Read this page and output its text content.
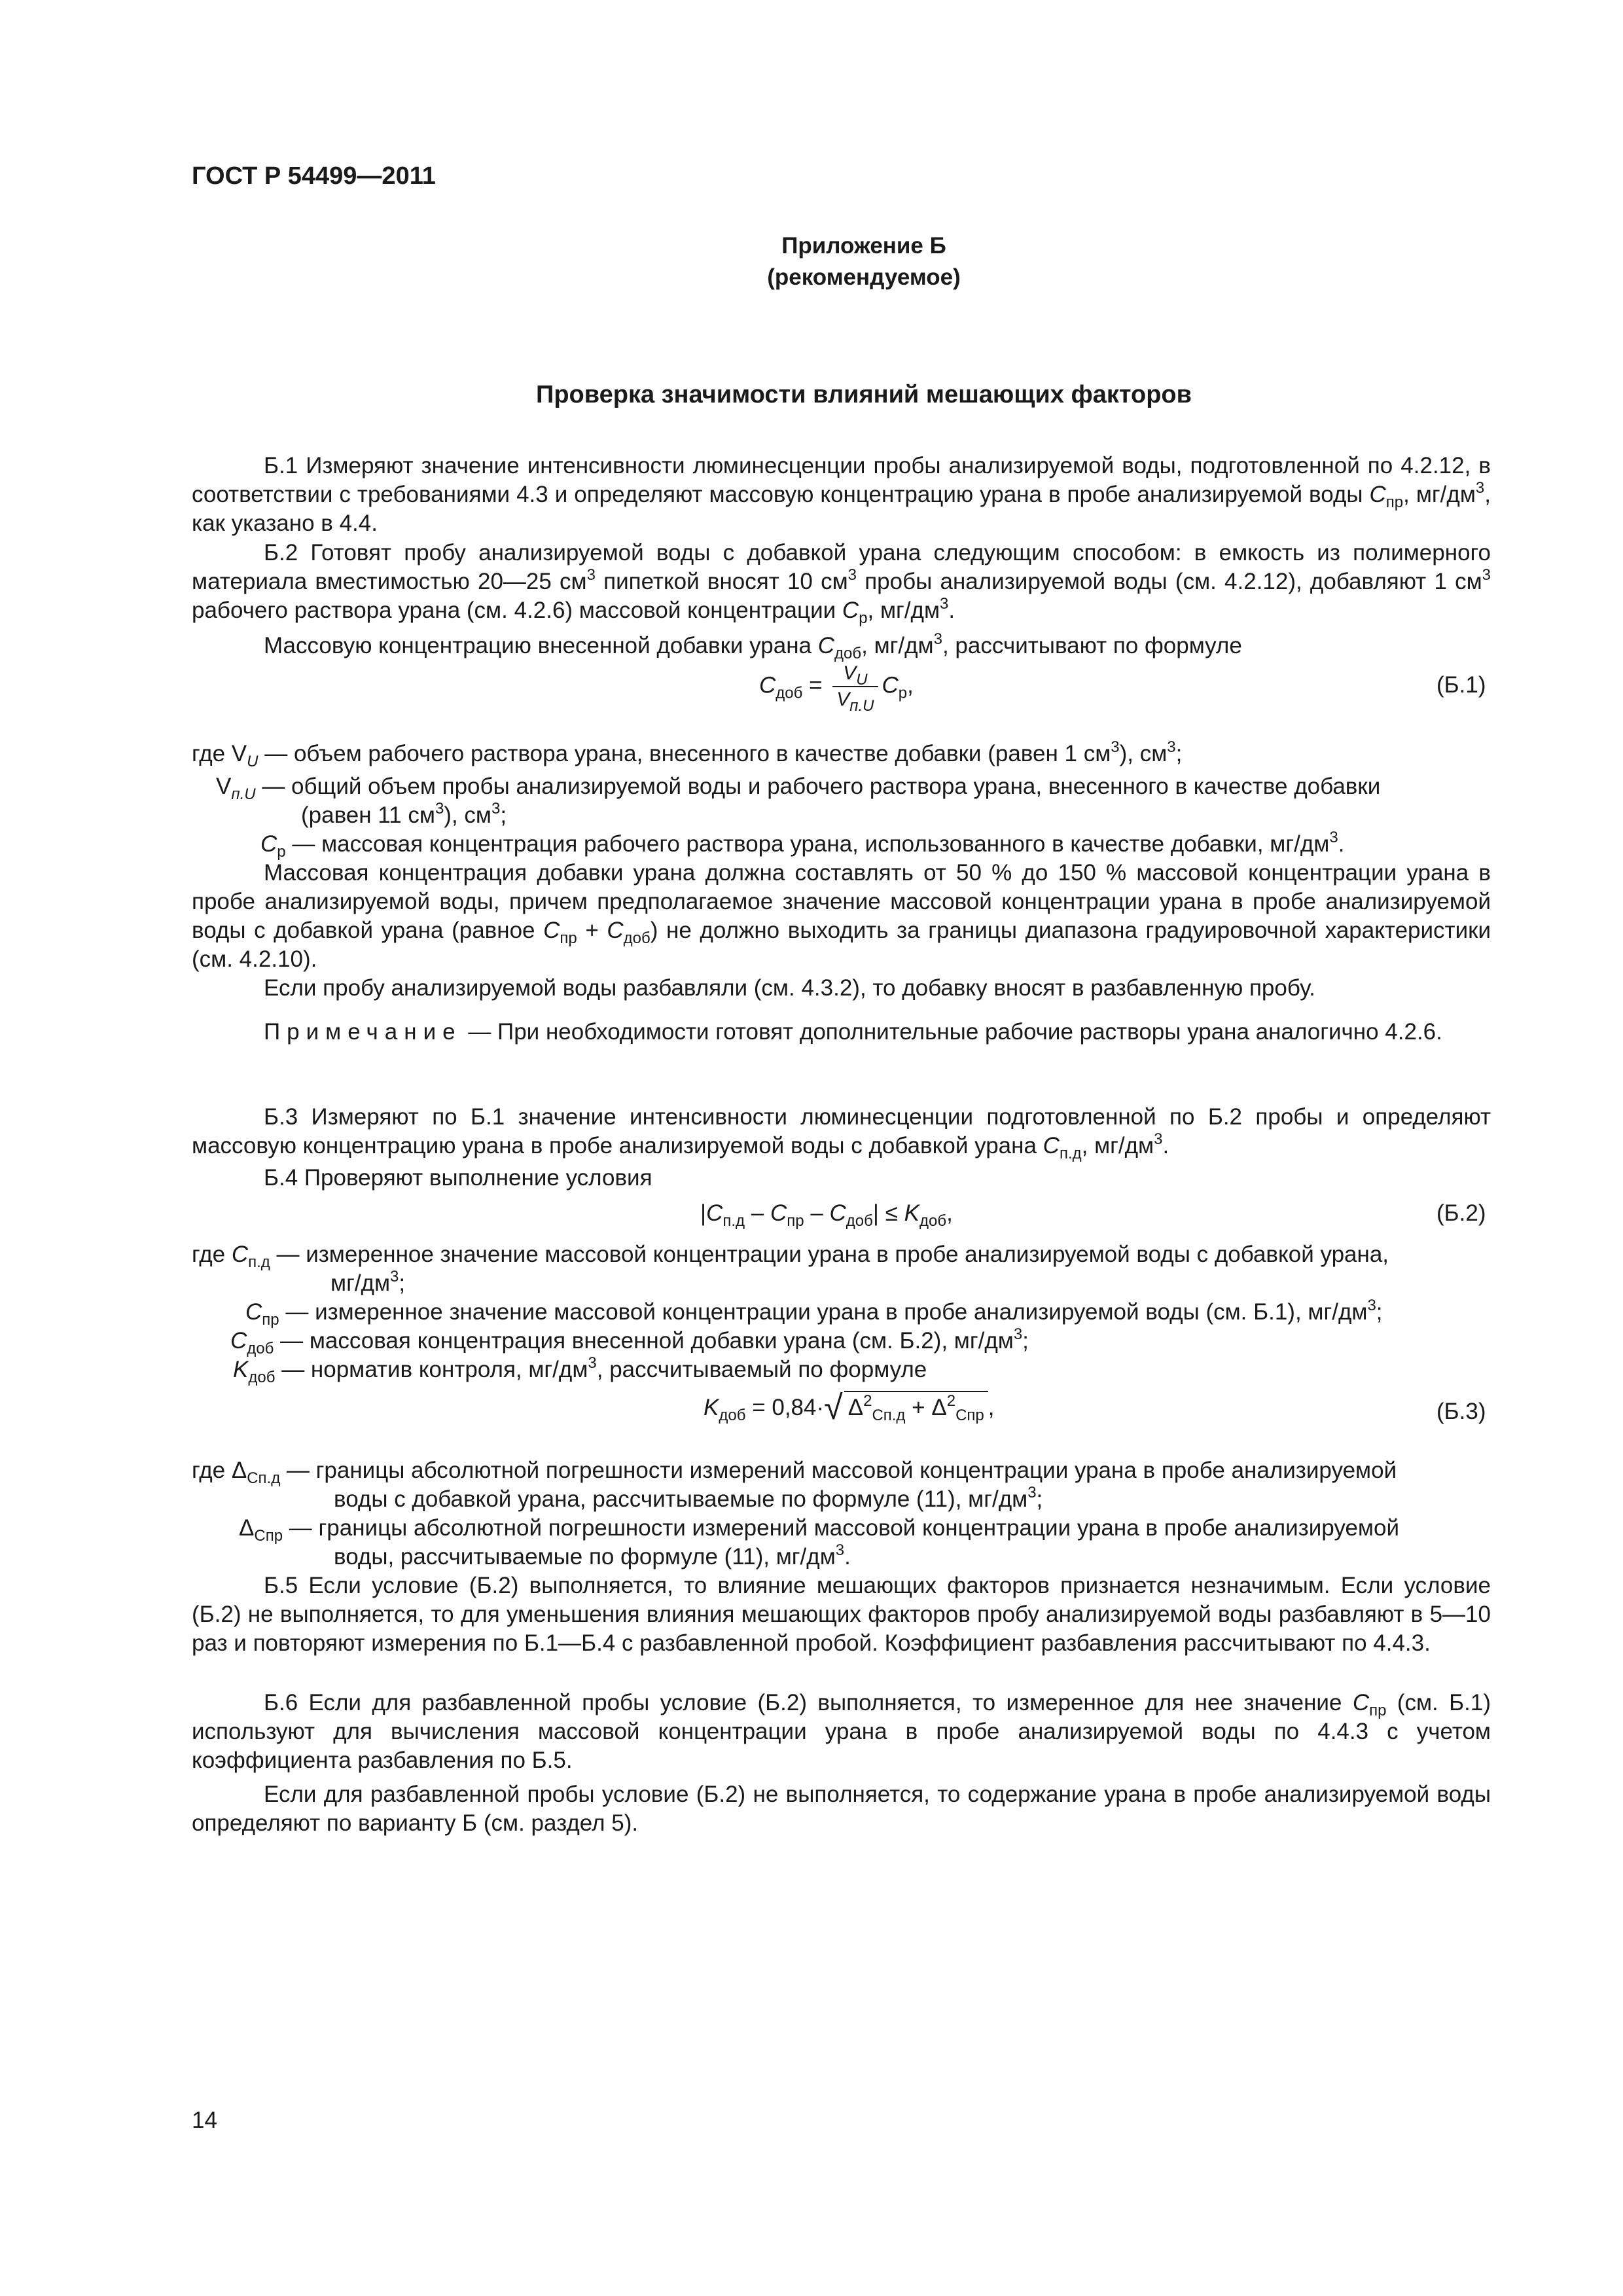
ГОСТ Р 54499—2011
Приложение Б
(рекомендуемое)
Проверка значимости влияний мешающих факторов
Б.1 Измеряют значение интенсивности люминесценции пробы анализируемой воды, подготовленной по 4.2.12, в соответствии с требованиями 4.3 и определяют массовую концентрацию урана в пробе анализируемой воды $C_{пр}$, $мг/дм^3$, как указано в 4.4.
Б.2 Готовят пробу анализируемой воды с добавкой урана следующим способом: в емкость из полимерного материала вместимостью 20—25 $см^3$ пипеткой вносят 10 $см^3$ пробы анализируемой воды (см. 4.2.12), добавляют 1 $см^3$ рабочего раствора урана (см. 4.2.6) массовой концентрации $C_р$, $мг/дм^3$.
Массовую концентрацию внесенной добавки урана $C_{доб}$, $мг/дм^3$, рассчитывают по формуле
$C_{доб} = \frac{V_U}{V_{п.U}} C_р$,	(Б.1)
где $V_U$ — объем рабочего раствора урана, внесенного в качестве добавки (равен 1 $см^3$), $см^3$;
$V_{п.U}$ — общий объем пробы анализируемой воды и рабочего раствора урана, внесенного в качестве добавки
(равен 11 $см^3$), $см^3$;
$C_р$ — массовая концентрация рабочего раствора урана, использованного в качестве добавки, $мг/дм^3$.
Массовая концентрация добавки урана должна составлять от 50 % до 150 % массовой концентрации урана в пробе анализируемой воды, причем предполагаемое значение массовой концентрации урана в пробе анализируемой воды с добавкой урана (равное $C_{пр} + C_{доб}$) не должно выходить за границы диапазона градуировочной характеристики (см. 4.2.10).
Если пробу анализируемой воды разбавляли (см. 4.3.2), то добавку вносят в разбавленную пробу.
Примечание — При необходимости готовят дополнительные рабочие растворы урана аналогично 4.2.6.
Б.3 Измеряют по Б.1 значение интенсивности люминесценции подготовленной по Б.2 пробы и определяют массовую концентрацию урана в пробе анализируемой воды с добавкой урана $C_{п.д}$, $мг/дм^3$.
Б.4 Проверяют выполнение условия
$|C_{п.д} - C_{пр} - C_{доб}| \le K_{доб}$,	(Б.2)
где $C_{п.д}$ — измеренное значение массовой концентрации урана в пробе анализируемой воды с добавкой урана,
$мг/дм^3$;
$C_{пр}$ — измеренное значение массовой концентрации урана в пробе анализируемой воды (см. Б.1), $мг/дм^3$;
$C_{доб}$ — массовая концентрация внесенной добавки урана (см. Б.2), $мг/дм^3$;
$K_{доб}$ — норматив контроля, $мг/дм^3$, рассчитываемый по формуле
$K_{доб} = 0,84\cdot√$ $\Delta^2_{Cп.д} + \Delta^2_{Cпр}$ ,	(Б.3)
где $\Delta_{Cп.д}$ — границы абсолютной погрешности измерений массовой концентрации урана в пробе анализируемой
воды с добавкой урана, рассчитываемые по формуле (11), $мг/дм^3$;
$\Delta_{Cпр}$ — границы абсолютной погрешности измерений массовой концентрации урана в пробе анализируемой
воды, рассчитываемые по формуле (11), $мг/дм^3$.
Б.5 Если условие (Б.2) выполняется, то влияние мешающих факторов признается незначимым. Если условие (Б.2) не выполняется, то для уменьшения влияния мешающих факторов пробу анализируемой воды разбавляют в 5—10 раз и повторяют измерения по Б.1—Б.4 с разбавленной пробой. Коэффициент разбавления рассчитывают по 4.4.3.
Б.6 Если для разбавленной пробы условие (Б.2) выполняется, то измеренное для нее значение $C_{пр}$ (см. Б.1) используют для вычисления массовой концентрации урана в пробе анализируемой воды по 4.4.3 с учетом коэффициента разбавления по Б.5.
Если для разбавленной пробы условие (Б.2) не выполняется, то содержание урана в пробе анализируемой воды определяют по варианту Б (см. раздел 5).
14
